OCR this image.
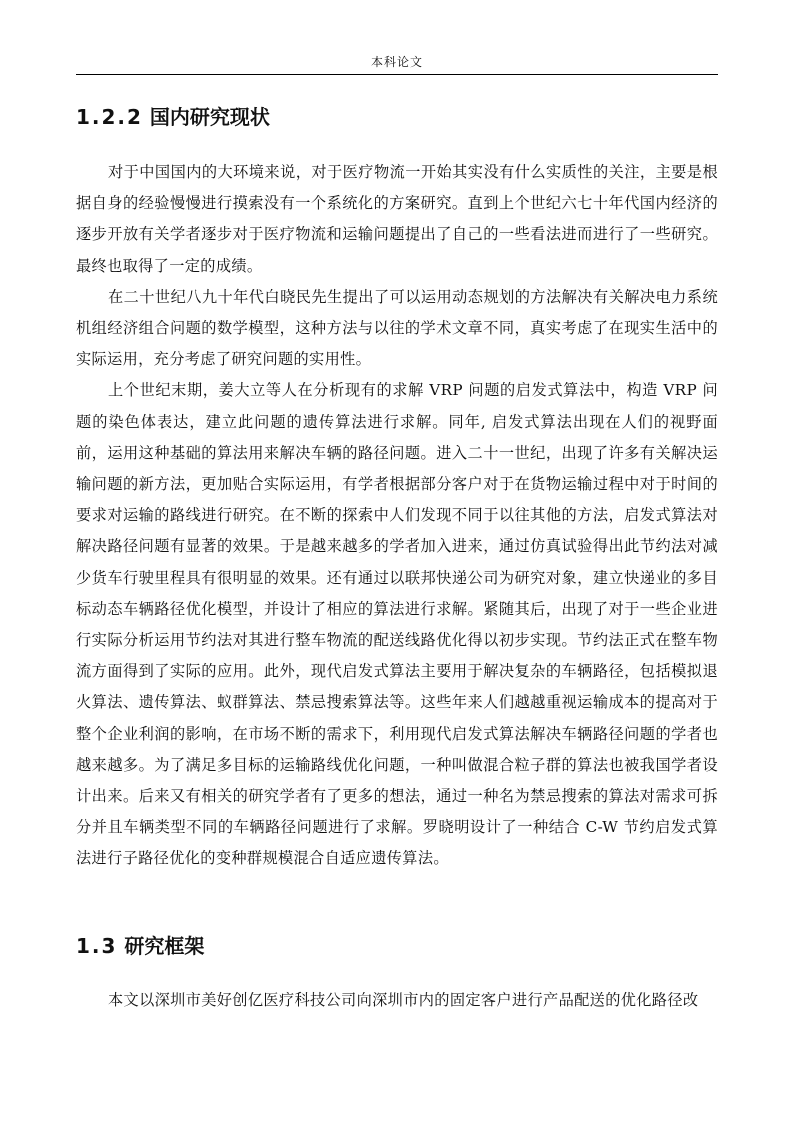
本科论文
1.2.2 国内研究现状

对于中国国内的大环境来说，对于医疗物流一开始其实没有什么实质性的关注，主要是根据自身的经验慢慢进行摸索没有一个系统化的方案研究。直到上个世纪六七十年代国内经济的逐步开放有关学者逐步对于医疗物流和运输问题提出了自己的一些看法进而进行了一些研究。最终也取得了一定的成绩。

在二十世纪八九十年代白晓民先生提出了可以运用动态规划的方法解决有关解决电力系统机组经济组合问题的数学模型，这种方法与以往的学术文章不同，真实考虑了在现实生活中的实际运用，充分考虑了研究问题的实用性。

上个世纪末期，姜大立等人在分析现有的求解 VRP 问题的启发式算法中，构造 VRP 问题的染色体表达，建立此问题的遗传算法进行求解。同年, 启发式算法出现在人们的视野面前，运用这种基础的算法用来解决车辆的路径问题。进入二十一世纪，出现了许多有关解决运输问题的新方法，更加贴合实际运用，有学者根据部分客户对于在货物运输过程中对于时间的要求对运输的路线进行研究。在不断的探索中人们发现不同于以往其他的方法，启发式算法对解决路径问题有显著的效果。于是越来越多的学者加入进来，通过仿真试验得出此节约法对减少货车行驶里程具有很明显的效果。还有通过以联邦快递公司为研究对象，建立快递业的多目标动态车辆路径优化模型，并设计了相应的算法进行求解。紧随其后，出现了对于一些企业进行实际分析运用节约法对其进行整车物流的配送线路优化得以初步实现。节约法正式在整车物流方面得到了实际的应用。此外，现代启发式算法主要用于解决复杂的车辆路径，包括模拟退火算法、遗传算法、蚁群算法、禁忌搜索算法等。这些年来人们越越重视运输成本的提高对于整个企业利润的影响，在市场不断的需求下，利用现代启发式算法解决车辆路径问题的学者也越来越多。为了满足多目标的运输路线优化问题，一种叫做混合粒子群的算法也被我国学者设计出来。后来又有相关的研究学者有了更多的想法，通过一种名为禁忌搜索的算法对需求可拆分并且车辆类型不同的车辆路径问题进行了求解。罗晓明设计了一种结合 C-W 节约启发式算法进行子路径优化的变种群规模混合自适应遗传算法。

1.3 研究框架

本文以深圳市美好创亿医疗科技公司向深圳市内的固定客户进行产品配送的优化路径改
